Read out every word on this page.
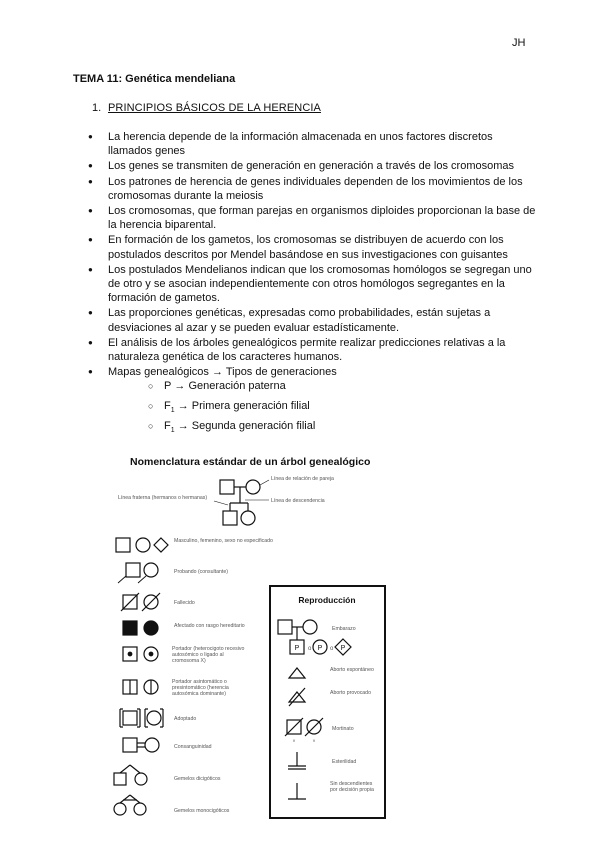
JH
TEMA 11: Genética mendeliana
1. PRINCIPIOS BÁSICOS DE LA HERENCIA
● La herencia depende de la información almacenada en unos factores discretos llamados genes
● Los genes se transmiten de generación en generación a través de los cromosomas
● Los patrones de herencia de genes individuales dependen de los movimientos de los cromosomas durante la meiosis
● Los cromosomas, que forman parejas en organismos diploides proporcionan la base de la herencia biparental.
● En formación de los gametos, los cromosomas se distribuyen de acuerdo con los postulados descritos por Mendel basándose en sus investigaciones con guisantes
● Los postulados Mendelianos indican que los cromosomas homólogos se segregan uno de otro y se asocian independientemente con otros homólogos segregantes en la formación de gametos.
● Las proporciones genéticas, expresadas como probabilidades, están sujetas a desviaciones al azar y se pueden evaluar estadísticamente.
● El análisis de los árboles genealógicos permite realizar predicciones relativas a la naturaleza genética de los caracteres humanos.
● Mapas genealógicos → Tipos de generaciones
○ P → Generación paterna
○ $F_1$ → Primera generación filial
○ $F_1$ → Segunda generación filial
Nomenclatura estándar de un árbol genealógico
Línea de relación de pareja
Línea de descendencia
Línea fraterna (hermanos o hermanas)
Masculino, femenino, sexo no especificado
Probando (consultante)
Fallecido
Afectado con rasgo hereditario
Portador (heterocigoto recesivo autosómico o ligado al cromosoma X)
Portador asintomático o presintomático (herencia autosómica dominante)
Adoptado
Consanguinidad
Gemelos dicigóticos
Gemelos monocigóticos
Reproducción
P o P o P
Embarazo
Aborto espontáneo
Aborto provocado
v	v
Mortinato
Esterilidad
Sin descendientes por decisión propia
